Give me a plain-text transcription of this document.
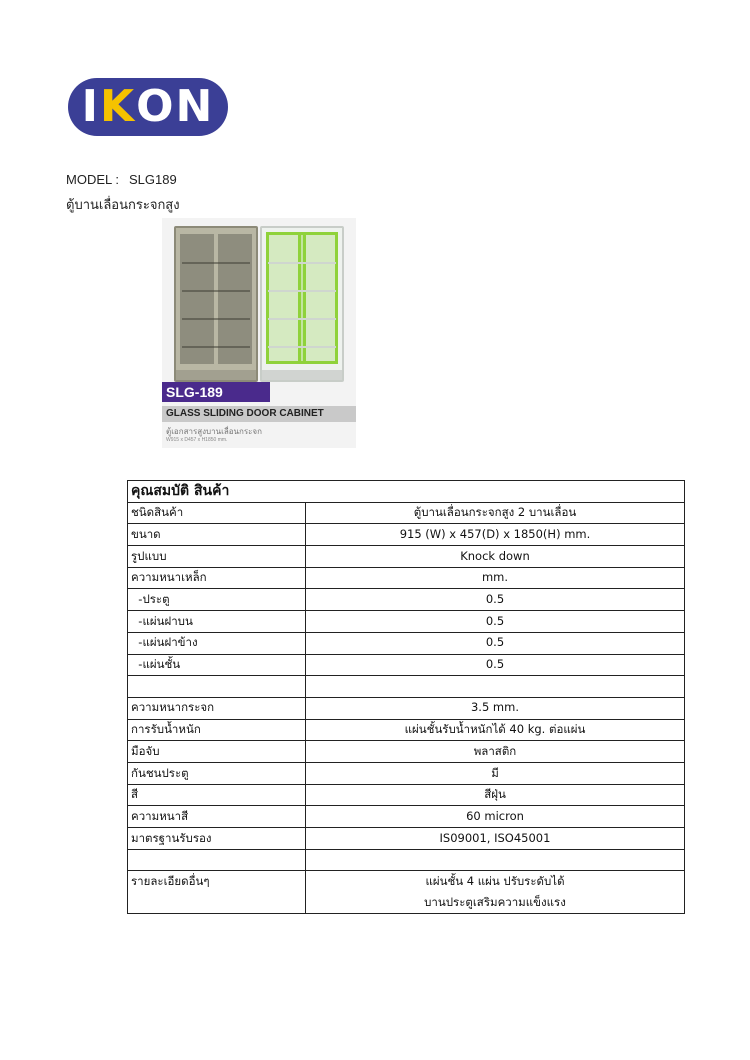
I K ON
MODEL : SLG189
ตู้บานเลื่อนกระจกสูง
SLG-189
GLASS SLIDING DOOR CABINET
ตู้เอกสารสูงบานเลื่อนกระจก
W915 x D457 x H1850 mm.
คุณสมบัติ สินค้า	
ชนิดสินค้า	ตู้บานเลื่อนกระจกสูง 2 บานเลื่อน
ขนาด	915 (W) x 457(D) x 1850(H) mm.
รูปแบบ	Knock down
ความหนาเหล็ก	mm.
-ประตู	0.5
-แผ่นฝาบน	0.5
-แผ่นฝาข้าง	0.5
-แผ่นชั้น	0.5

ความหนากระจก	3.5 mm.
การรับน้ำหนัก	แผ่นชั้นรับน้ำหนักได้ 40 kg. ต่อแผ่น
มือจับ	พลาสติก
กันชนประตู	มี
สี	สีฝุ่น
ความหนาสี	60 micron
มาตรฐานรับรอง	IS09001, ISO45001

รายละเอียดอื่นๆ	แผ่นชั้น 4 แผ่น ปรับระดับได้
	บานประตูเสริมความแข็งแรง
